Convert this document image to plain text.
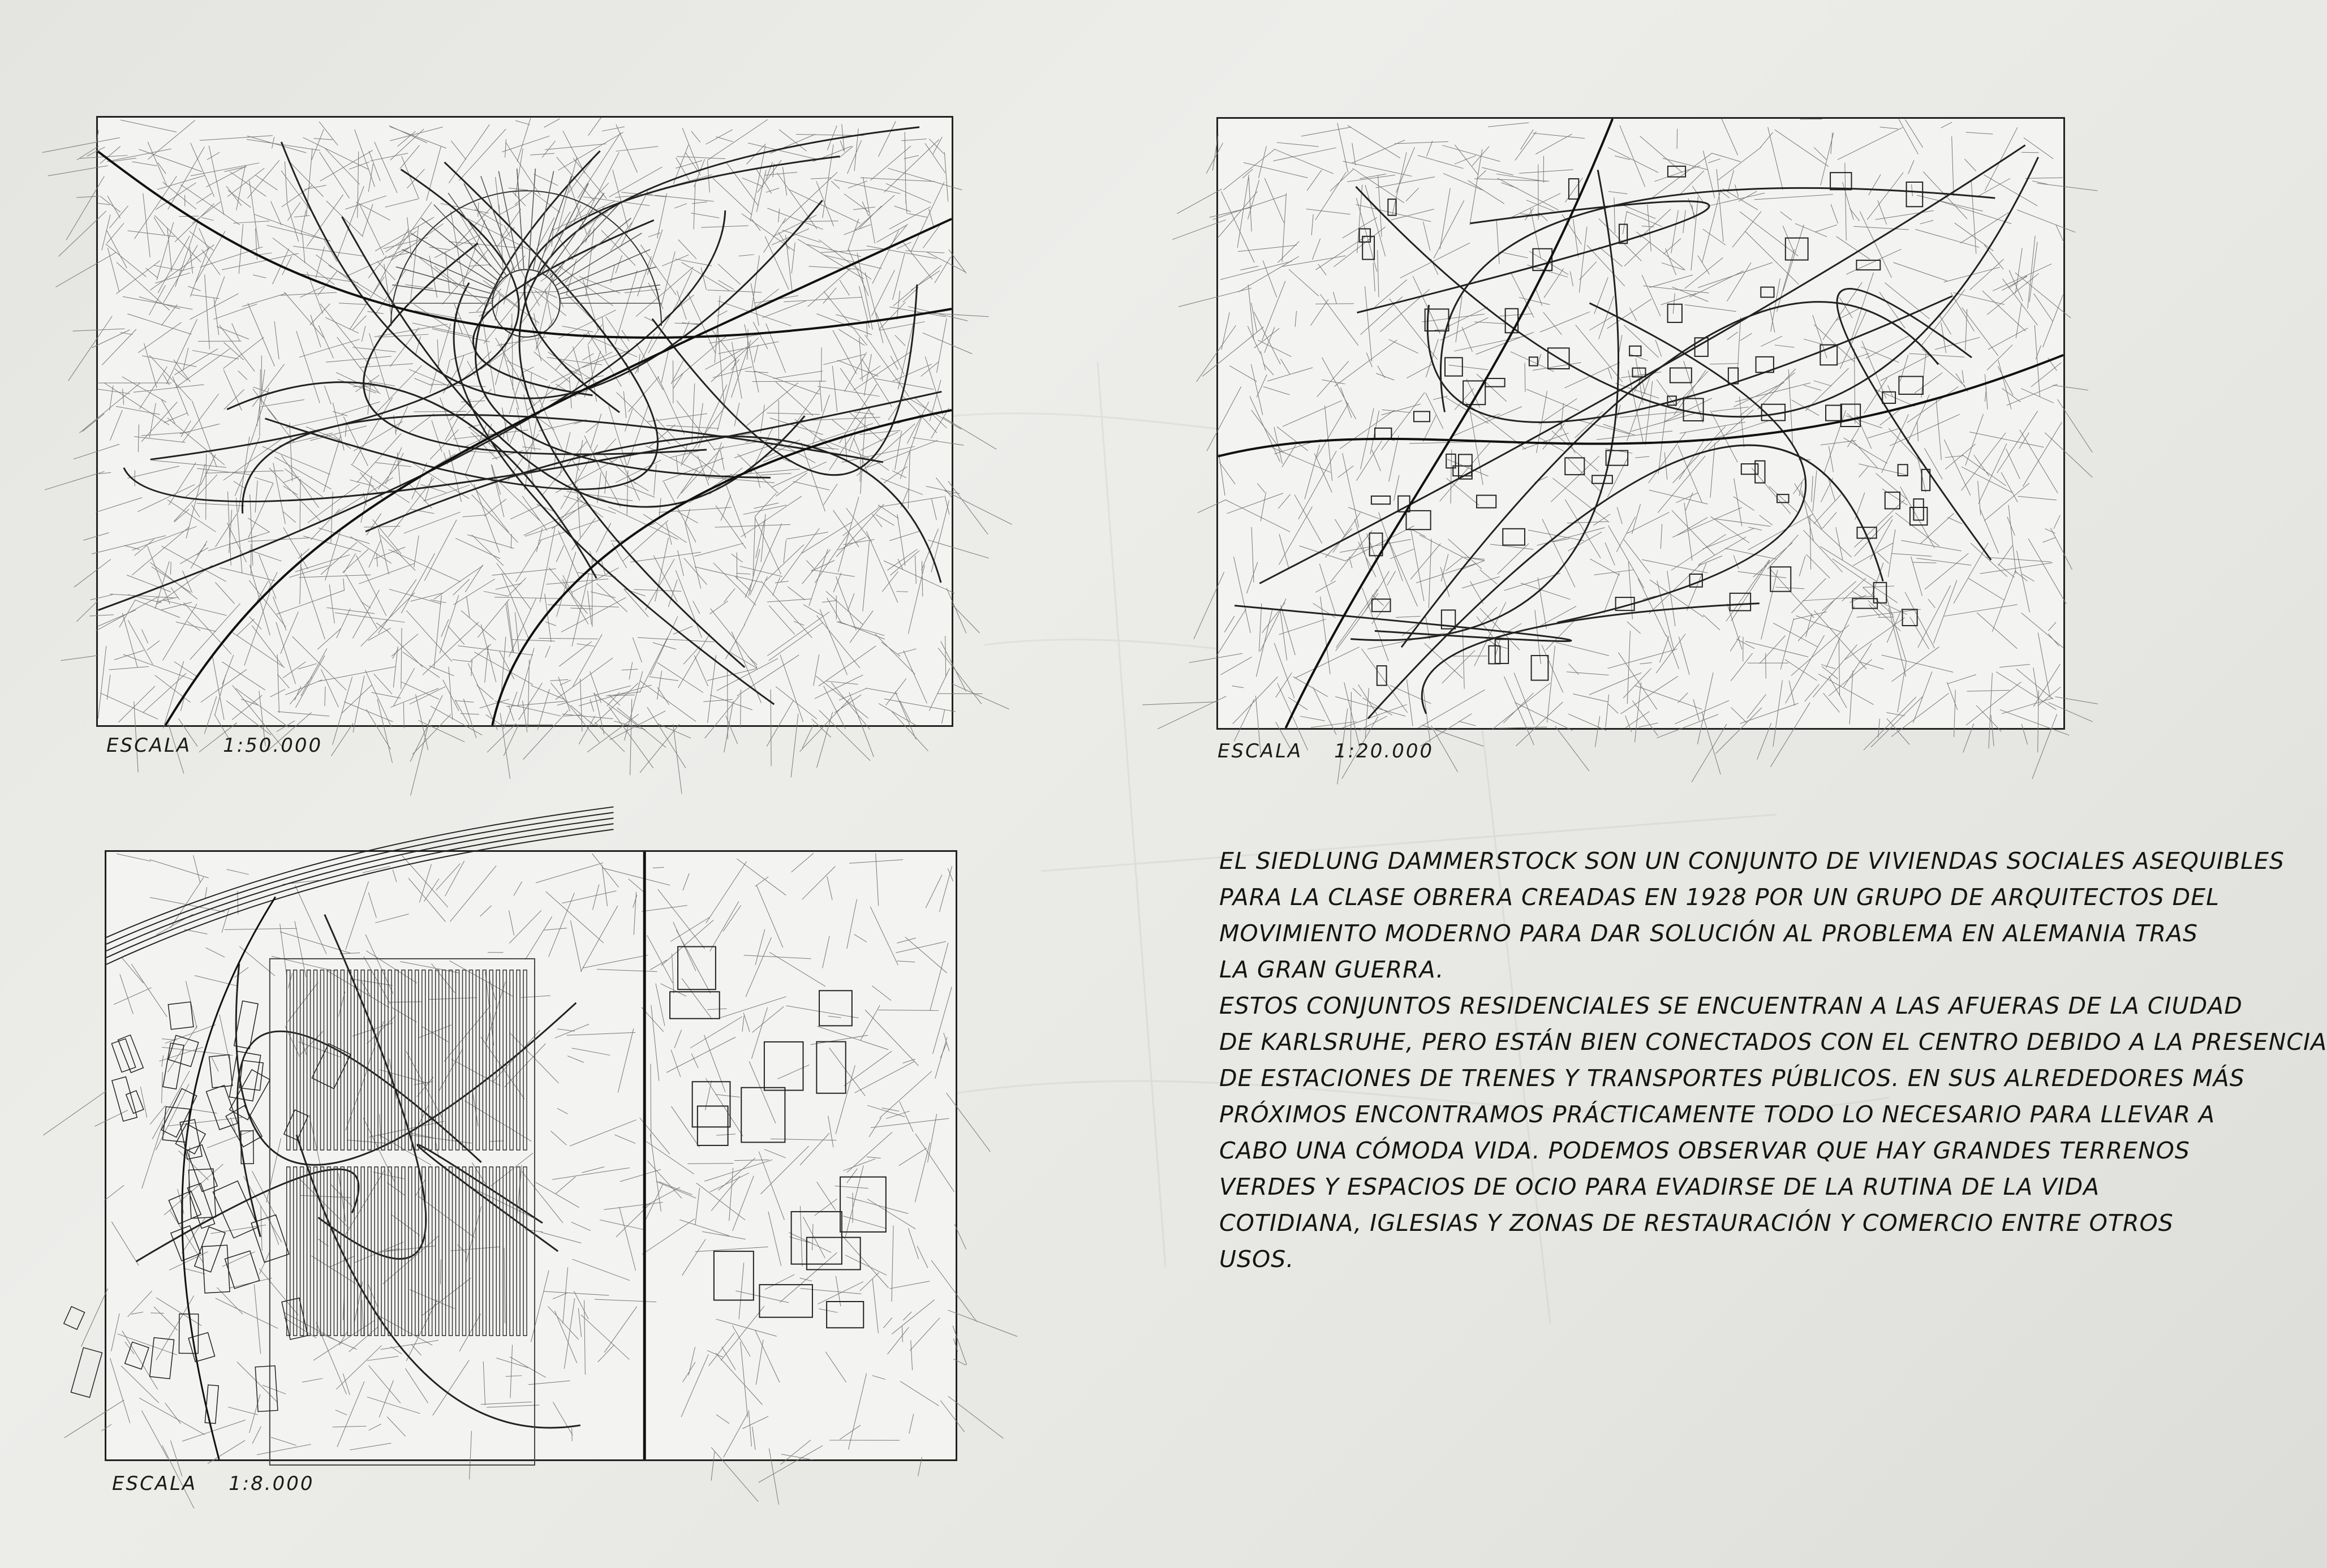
ESCALA 1:50.000	ESCALA 1:20.000
ESCALA 1:8.000
EL SIEDLUNG DAMMERSTOCK SON UN CONJUNTO DE VIVIENDAS SOCIALES ASEQUIBLES
PARA LA CLASE OBRERA CREADAS EN 1928 POR UN GRUPO DE ARQUITECTOS DEL
MOVIMIENTO MODERNO PARA DAR SOLUCIÓN AL PROBLEMA EN ALEMANIA TRAS
LA GRAN GUERRA.
ESTOS CONJUNTOS RESIDENCIALES SE ENCUENTRAN A LAS AFUERAS DE LA CIUDAD
DE KARLSRUHE, PERO ESTÁN BIEN CONECTADOS CON EL CENTRO DEBIDO A LA PRESENCIA
DE ESTACIONES DE TRENES Y TRANSPORTES PÚBLICOS. EN SUS ALREDEDORES MÁS
PRÓXIMOS ENCONTRAMOS PRÁCTICAMENTE TODO LO NECESARIO PARA LLEVAR A
CABO UNA CÓMODA VIDA. PODEMOS OBSERVAR QUE HAY GRANDES TERRENOS
VERDES Y ESPACIOS DE OCIO PARA EVADIRSE DE LA RUTINA DE LA VIDA
COTIDIANA, IGLESIAS Y ZONAS DE RESTAURACIÓN Y COMERCIO ENTRE OTROS
USOS.
